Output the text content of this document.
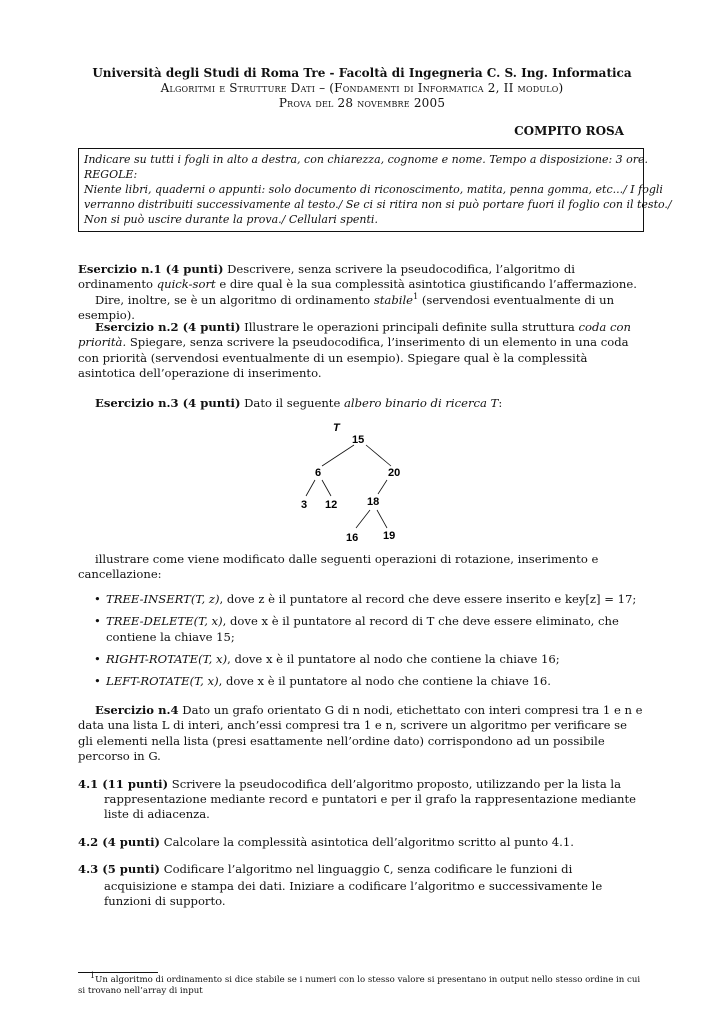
Università degli Studi di Roma Tre - Facoltà di Ingegneria C. S. Ing. Informatica
Algoritmi e Strutture Dati – (Fondamenti di Informatica 2, II modulo)
Prova del 28 novembre 2005
COMPITO ROSA
Indicare su tutti i fogli in alto a destra, con chiarezza, cognome e nome. Tempo a disposizione: 3 ore.
REGOLE:
Niente libri, quaderni o appunti: solo documento di riconoscimento, matita, penna gomma, etc.../ I fogli
verranno distribuiti successivamente al testo./ Se ci si ritira non si può portare fuori il foglio con il testo./
Non si può uscire durante la prova./ Cellulari spenti.

Esercizio n.1 (4 punti) Descrivere, senza scrivere la pseudocodifica, l’algoritmo di ordinamento quick-sort e dire qual è la sua complessità asintotica giustificando l’affermazione.

Dire, inoltre, se è un algoritmo di ordinamento stabile$^1$ (servendosi eventualmente di un esempio).

Esercizio n.2 (4 punti) Illustrare le operazioni principali definite sulla struttura coda con priorità. Spiegare, senza scrivere la pseudocodifica, l’inserimento di un elemento in una coda con priorità (servendosi eventualmente di un esempio). Spiegare qual è la complessità asintotica dell’operazione di inserimento.

Esercizio n.3 (4 punti) Dato il seguente albero binario di ricerca T:

T
15
6	20
3 12	18
16 19

illustrare come viene modificato dalle seguenti operazioni di rotazione, inserimento e cancellazione:

• TREE-INSERT(T, z), dove z è il puntatore al record che deve essere inserito e key[z] = 17;
• TREE-DELETE(T, x), dove x è il puntatore al record di T che deve essere eliminato, che contiene la chiave 15;
• RIGHT-ROTATE(T, x), dove x è il puntatore al nodo che contiene la chiave 16;
• LEFT-ROTATE(T, x), dove x è il puntatore al nodo che contiene la chiave 16.

Esercizio n.4 Dato un grafo orientato G di n nodi, etichettato con interi compresi tra 1 e n e data una lista L di interi, anch’essi compresi tra 1 e n, scrivere un algoritmo per verificare se gli elementi nella lista (presi esattamente nell’ordine dato) corrispondono ad un possibile percorso in G.

4.1 (11 punti) Scrivere la pseudocodifica dell’algoritmo proposto, utilizzando per la lista la rappresentazione mediante record e puntatori e per il grafo la rappresentazione mediante liste di adiacenza.

4.2 (4 punti) Calcolare la complessità asintotica dell’algoritmo scritto al punto 4.1.

4.3 (5 punti) Codificare l’algoritmo nel linguaggio C, senza codificare le funzioni di acquisizione e stampa dei dati. Iniziare a codificare l’algoritmo e successivamente le funzioni di supporto.

$^1$Un algoritmo di ordinamento si dice stabile se i numeri con lo stesso valore si presentano in output nello stesso ordine in cui si trovano nell’array di input
